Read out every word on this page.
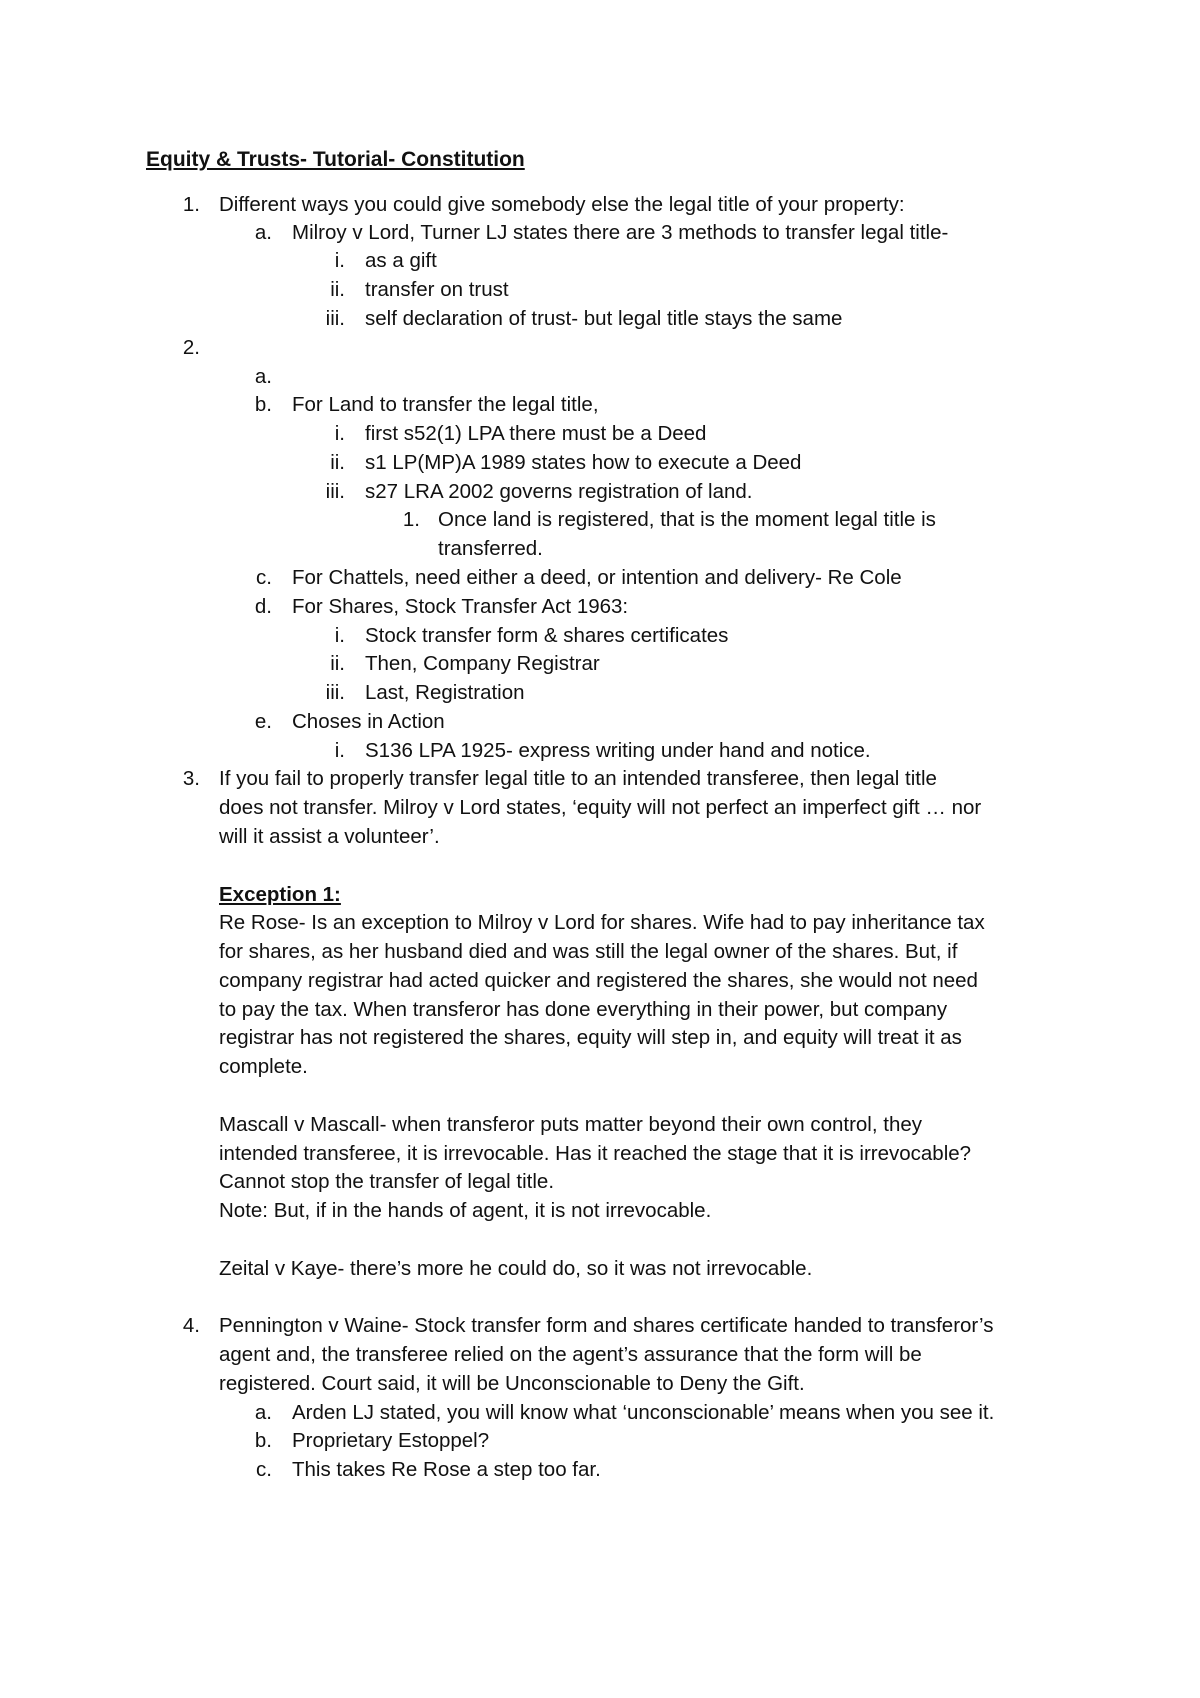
Equity & Trusts- Tutorial- Constitution
1. Different ways you could give somebody else the legal title of your property:
a. Milroy v Lord, Turner LJ states there are 3 methods to transfer legal title-
i. as a gift
ii. transfer on trust
iii. self declaration of trust- but legal title stays the same
2.
a.
b. For Land to transfer the legal title,
i. first s52(1) LPA there must be a Deed
ii. s1 LP(MP)A 1989 states how to execute a Deed
iii. s27 LRA 2002 governs registration of land.
1. Once land is registered, that is the moment legal title is
transferred.
c. For Chattels, need either a deed, or intention and delivery- Re Cole
d. For Shares, Stock Transfer Act 1963:
i. Stock transfer form & shares certificates
ii. Then, Company Registrar
iii. Last, Registration
e. Choses in Action
i. S136 LPA 1925- express writing under hand and notice.
3. If you fail to properly transfer legal title to an intended transferee, then legal title
does not transfer. Milroy v Lord states, ‘equity will not perfect an imperfect gift … nor
will it assist a volunteer’.
Exception 1:
Re Rose- Is an exception to Milroy v Lord for shares. Wife had to pay inheritance tax
for shares, as her husband died and was still the legal owner of the shares. But, if
company registrar had acted quicker and registered the shares, she would not need
to pay the tax. When transferor has done everything in their power, but company
registrar has not registered the shares, equity will step in, and equity will treat it as
complete.
Mascall v Mascall- when transferor puts matter beyond their own control, they
intended transferee, it is irrevocable. Has it reached the stage that it is irrevocable?
Cannot stop the transfer of legal title.
Note: But, if in the hands of agent, it is not irrevocable.
Zeital v Kaye- there’s more he could do, so it was not irrevocable.
4. Pennington v Waine- Stock transfer form and shares certificate handed to transferor’s
agent and, the transferee relied on the agent’s assurance that the form will be
registered. Court said, it will be Unconscionable to Deny the Gift.
a. Arden LJ stated, you will know what ‘unconscionable’ means when you see it.
b. Proprietary Estoppel?
c. This takes Re Rose a step too far.
